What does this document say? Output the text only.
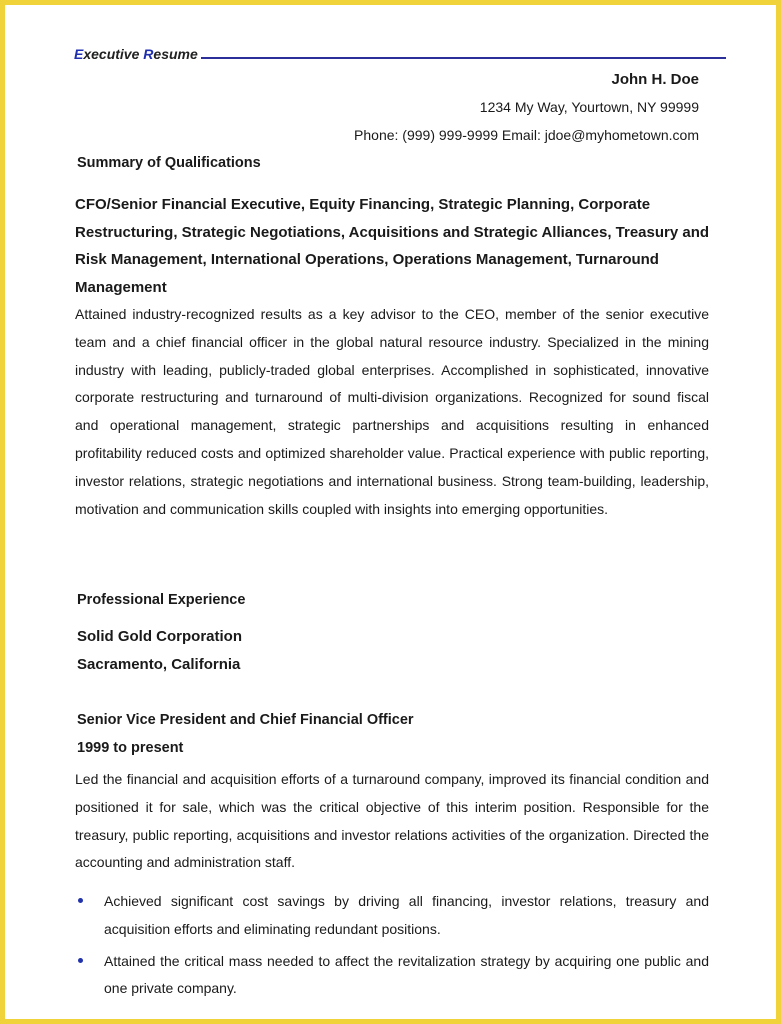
Executive Resume
John H. Doe
1234 My Way, Yourtown, NY 99999
Phone: (999) 999-9999 Email: jdoe@myhometown.com
Summary of Qualifications
CFO/Senior Financial Executive, Equity Financing, Strategic Planning, Corporate Restructuring, Strategic Negotiations, Acquisitions and Strategic Alliances, Treasury and Risk Management, International Operations, Operations Management, Turnaround Management
Attained industry-recognized results as a key advisor to the CEO, member of the senior executive team and a chief financial officer in the global natural resource industry. Specialized in the mining industry with leading, publicly-traded global enterprises. Accomplished in sophisticated, innovative corporate restructuring and turnaround of multi-division organizations. Recognized for sound fiscal and operational management, strategic partnerships and acquisitions resulting in enhanced profitability reduced costs and optimized shareholder value. Practical experience with public reporting, investor relations, strategic negotiations and international business. Strong team-building, leadership, motivation and communication skills coupled with insights into emerging opportunities.
Professional Experience
Solid Gold Corporation
Sacramento, California
Senior Vice President and Chief Financial Officer
1999 to present
Led the financial and acquisition efforts of a turnaround company, improved its financial condition and positioned it for sale, which was the critical objective of this interim position. Responsible for the treasury, public reporting, acquisitions and investor relations activities of the organization. Directed the accounting and administration staff.
Achieved significant cost savings by driving all financing, investor relations, treasury and acquisition efforts and eliminating redundant positions.
Attained the critical mass needed to affect the revitalization strategy by acquiring one public and one private company.
